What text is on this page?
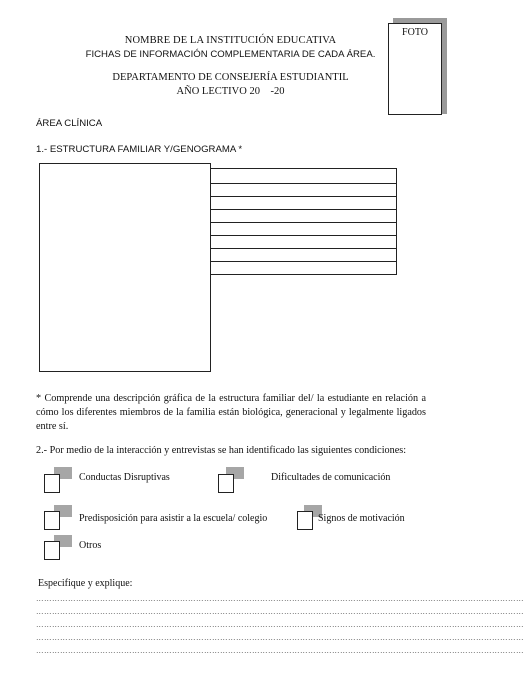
NOMBRE DE LA INSTITUCIÓN EDUCATIVA
FICHAS DE INFORMACIÓN COMPLEMENTARIA DE CADA ÁREA.
DEPARTAMENTO DE CONSEJERÍA ESTUDIANTIL
AÑO LECTIVO 20    -20
FOTO
ÁREA CLÍNICA
1.- ESTRUCTURA FAMILIAR Y/GENOGRAMA *
* Comprende una descripción gráfica de la estructura familiar del/ la estudiante en relación a cómo los diferentes miembros de la familia están biológica, generacional y legalmente ligados entre sí.
2.- Por medio de la interacción y entrevistas se han identificado las siguientes condiciones:
Conductas Disruptivas	Dificultades de comunicación
Predisposición para asistir a la escuela/ colegio	Signos de motivación
Otros
Especifique y explique:
…………………………………………………………………………………………………………………………………………………………………
…………………………………………………………………………………………………………………………………………………………………
…………………………………………………………………………………………………………………………………………………………………
…………………………………………………………………………………………………………………………………………………………………
…………………………………………………………………………………………………………………………………………………………………
